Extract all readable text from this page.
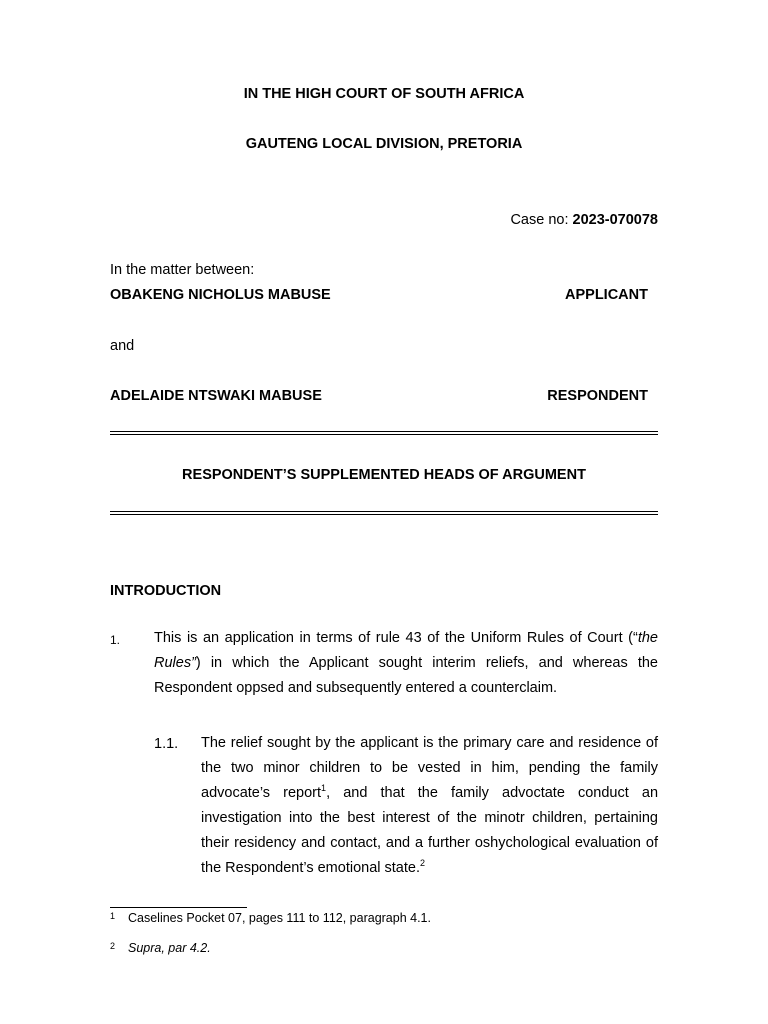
IN THE HIGH COURT OF SOUTH AFRICA
GAUTENG LOCAL DIVISION, PRETORIA
Case no: 2023-070078
In the matter between:
OBAKENG NICHOLUS MABUSE	APPLICANT
and
ADELAIDE NTSWAKI MABUSE	RESPONDENT
RESPONDENT’S SUPPLEMENTED HEADS OF ARGUMENT
INTRODUCTION
1. This is an application in terms of rule 43 of the Uniform Rules of Court (“the Rules”) in which the Applicant sought interim reliefs, and whereas the Respondent oppsed and subsequently entered a counterclaim.
1.1. The relief sought by the applicant is the primary care and residence of the two minor children to be vested in him, pending the family advocate’s report$^1$, and that the family advoctate conduct an investigation into the best interest of the minotr children, pertaining their residency and contact, and a further oshychological evaluation of the Respondent’s emotional state.$^2$
1 Caselines Pocket 07, pages 111 to 112, paragraph 4.1.
2 Supra, par 4.2.
